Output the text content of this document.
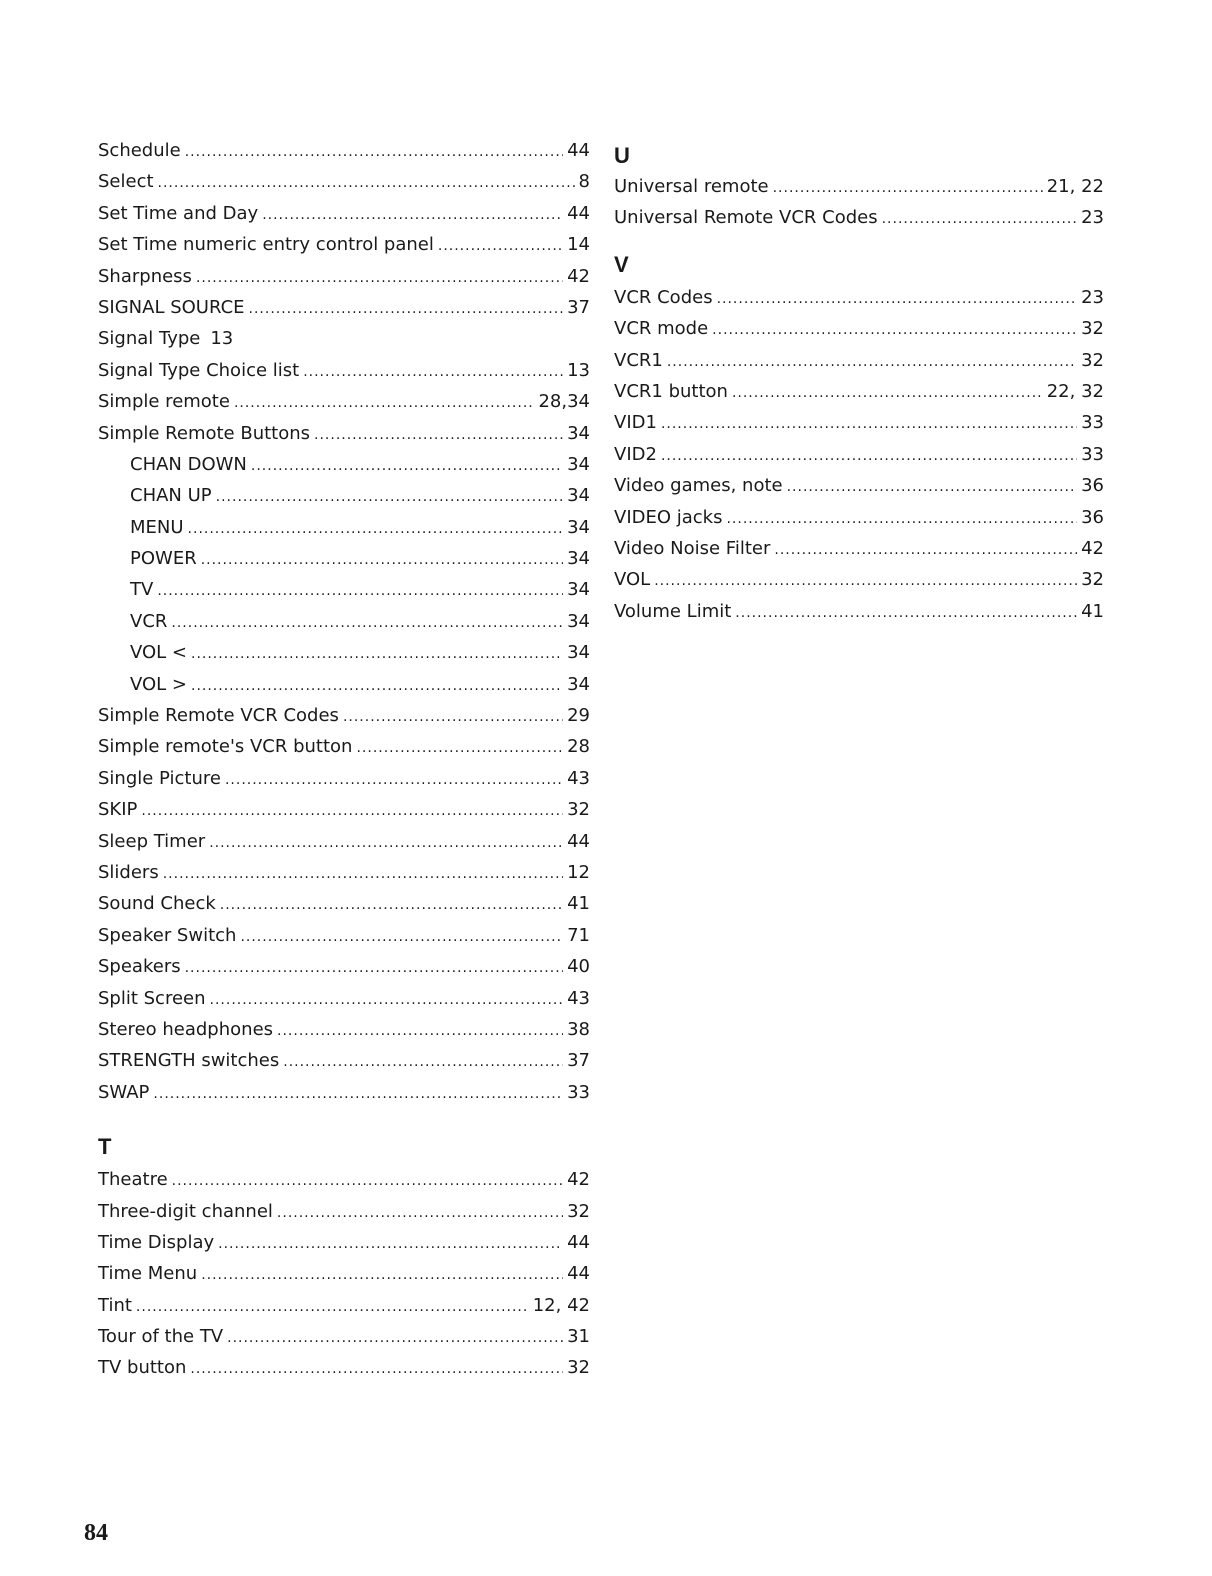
Schedule .....	44
Select .....	8
Set Time and Day .....	44
Set Time numeric entry control panel .....	14
Sharpness .....	42
SIGNAL SOURCE .....	37
Signal Type 13
Signal Type Choice list .....	13
Simple remote .....	28,34
Simple Remote Buttons .....	34
CHAN DOWN .....	34
CHAN UP .....	34
MENU .....	34
POWER .....	34
TV .....	34
VCR .....	34
VOL < .....	34
VOL > .....	34
Simple Remote VCR Codes .....	29
Simple remote's VCR button .....	28
Single Picture .....	43
SKIP .....	32
Sleep Timer .....	44
Sliders .....	12
Sound Check .....	41
Speaker Switch .....	71
Speakers .....	40
Split Screen .....	43
Stereo headphones .....	38
STRENGTH switches .....	37
SWAP .....	33
T
Theatre .....	42
Three-digit channel .....	32
Time Display .....	44
Time Menu .....	44
Tint .....	12, 42
Tour of the TV .....	31
TV button .....	32
U
Universal remote .....	21, 22
Universal Remote VCR Codes .....	23
V
VCR Codes .....	23
VCR mode .....	32
VCR1 .....	32
VCR1 button .....	22, 32
VID1 .....	33
VID2 .....	33
Video games, note .....	36
VIDEO jacks .....	36
Video Noise Filter .....	42
VOL .....	32
Volume Limit .....	41
84
